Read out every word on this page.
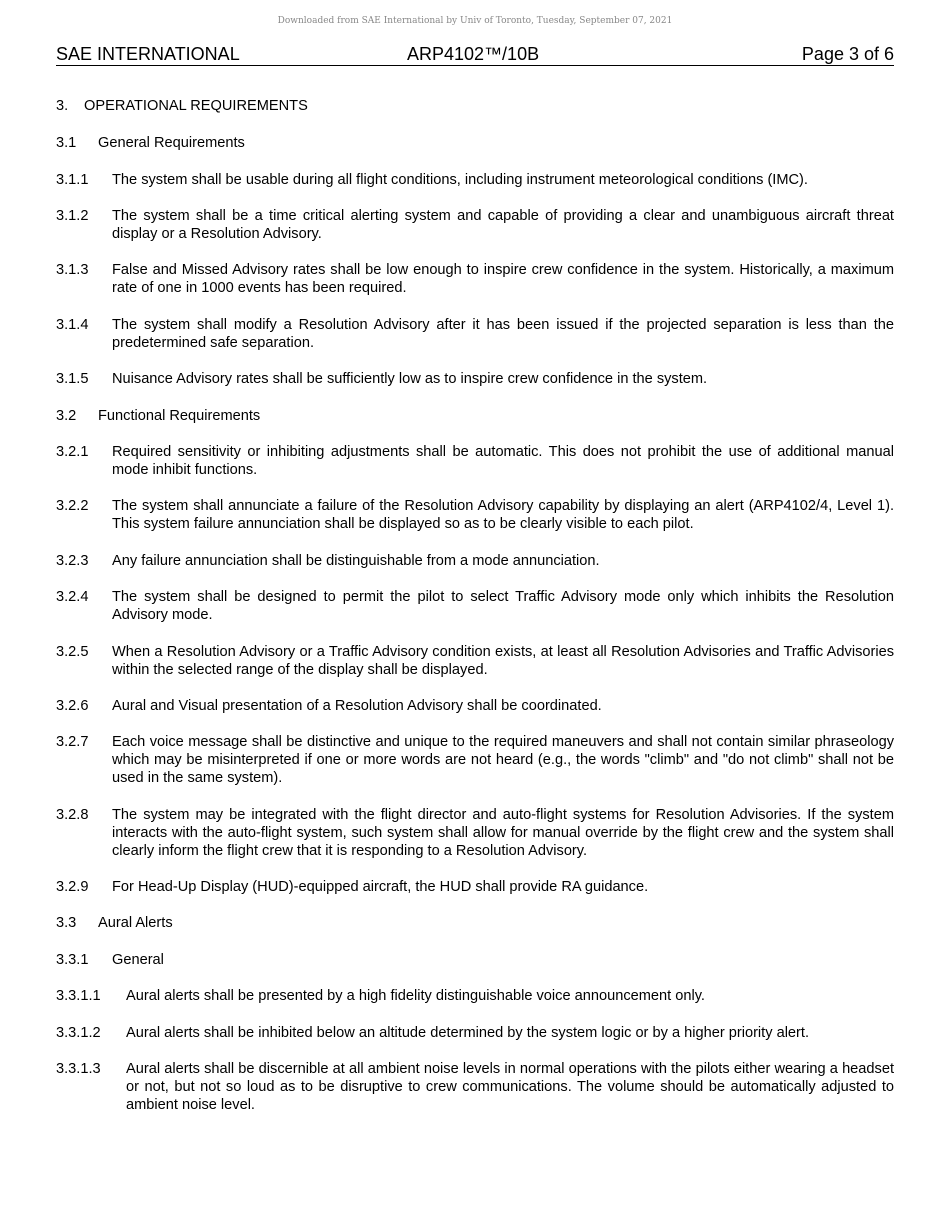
Downloaded from SAE International by Univ of Toronto, Tuesday, September 07, 2021
SAE INTERNATIONAL	ARP4102™/10B	Page 3 of 6
3.	OPERATIONAL REQUIREMENTS
3.1	General Requirements
3.1.1	The system shall be usable during all flight conditions, including instrument meteorological conditions (IMC).
3.1.2	The system shall be a time critical alerting system and capable of providing a clear and unambiguous aircraft threat display or a Resolution Advisory.
3.1.3	False and Missed Advisory rates shall be low enough to inspire crew confidence in the system. Historically, a maximum rate of one in 1000 events has been required.
3.1.4	The system shall modify a Resolution Advisory after it has been issued if the projected separation is less than the predetermined safe separation.
3.1.5	Nuisance Advisory rates shall be sufficiently low as to inspire crew confidence in the system.
3.2	Functional Requirements
3.2.1	Required sensitivity or inhibiting adjustments shall be automatic. This does not prohibit the use of additional manual mode inhibit functions.
3.2.2	The system shall annunciate a failure of the Resolution Advisory capability by displaying an alert (ARP4102/4, Level 1). This system failure annunciation shall be displayed so as to be clearly visible to each pilot.
3.2.3	Any failure annunciation shall be distinguishable from a mode annunciation.
3.2.4	The system shall be designed to permit the pilot to select Traffic Advisory mode only which inhibits the Resolution Advisory mode.
3.2.5	When a Resolution Advisory or a Traffic Advisory condition exists, at least all Resolution Advisories and Traffic Advisories within the selected range of the display shall be displayed.
3.2.6	Aural and Visual presentation of a Resolution Advisory shall be coordinated.
3.2.7	Each voice message shall be distinctive and unique to the required maneuvers and shall not contain similar phraseology which may be misinterpreted if one or more words are not heard (e.g., the words "climb" and "do not climb" shall not be used in the same system).
3.2.8	The system may be integrated with the flight director and auto-flight systems for Resolution Advisories. If the system interacts with the auto-flight system, such system shall allow for manual override by the flight crew and the system shall clearly inform the flight crew that it is responding to a Resolution Advisory.
3.2.9	For Head-Up Display (HUD)-equipped aircraft, the HUD shall provide RA guidance.
3.3	Aural Alerts
3.3.1	General
3.3.1.1	Aural alerts shall be presented by a high fidelity distinguishable voice announcement only.
3.3.1.2	Aural alerts shall be inhibited below an altitude determined by the system logic or by a higher priority alert.
3.3.1.3	Aural alerts shall be discernible at all ambient noise levels in normal operations with the pilots either wearing a headset or not, but not so loud as to be disruptive to crew communications. The volume should be automatically adjusted to ambient noise level.
